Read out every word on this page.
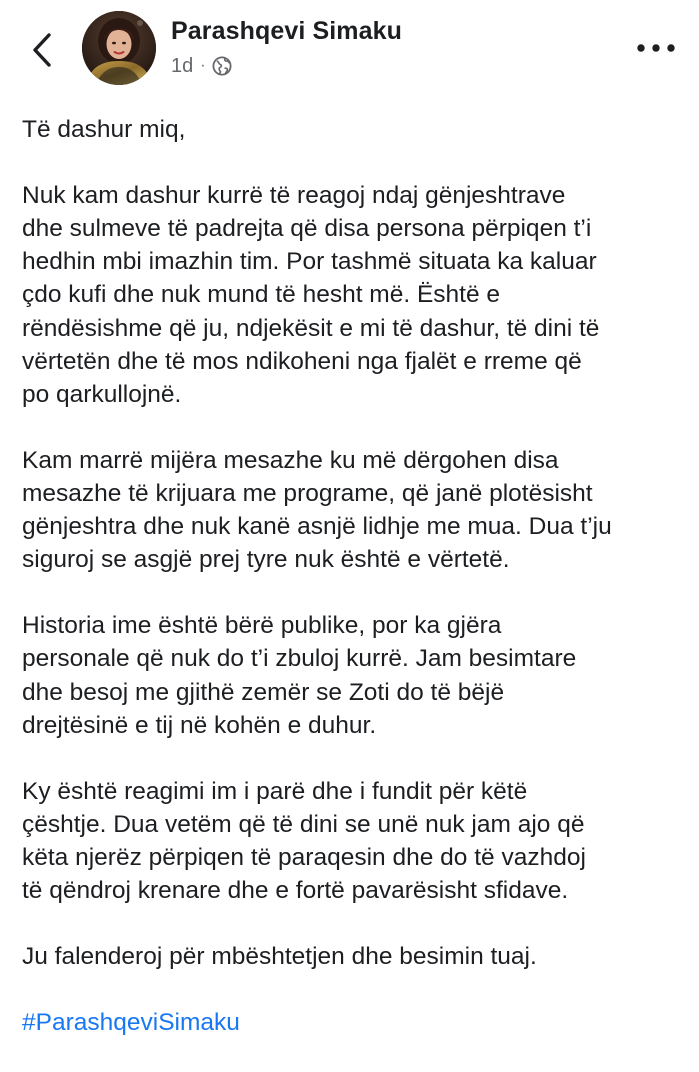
Parashqevi Simaku
1d ·

Të dashur miq,

Nuk kam dashur kurrë të reagoj ndaj gënjeshtrave
dhe sulmeve të padrejta që disa persona përpiqen t’i
hedhin mbi imazhin tim. Por tashmë situata ka kaluar
çdo kufi dhe nuk mund të hesht më. Është e
rëndësishme që ju, ndjekësit e mi të dashur, të dini të
vërtetën dhe të mos ndikoheni nga fjalët e rreme që
po qarkullojnë.

Kam marrë mijëra mesazhe ku më dërgohen disa
mesazhe të krijuara me programe, që janë plotësisht
gënjeshtra dhe nuk kanë asnjë lidhje me mua. Dua t’ju
siguroj se asgjë prej tyre nuk është e vërtetë.

Historia ime është bërë publike, por ka gjëra
personale që nuk do t’i zbuloj kurrë. Jam besimtare
dhe besoj me gjithë zemër se Zoti do të bëjë
drejtësinë e tij në kohën e duhur.

Ky është reagimi im i parë dhe i fundit për këtë
çështje. Dua vetëm që të dini se unë nuk jam ajo që
këta njerëz përpiqen të paraqesin dhe do të vazhdoj
të qëndroj krenare dhe e fortë pavarësisht sfidave.

Ju falenderoj për mbështetjen dhe besimin tuaj.

#ParashqeviSimaku
